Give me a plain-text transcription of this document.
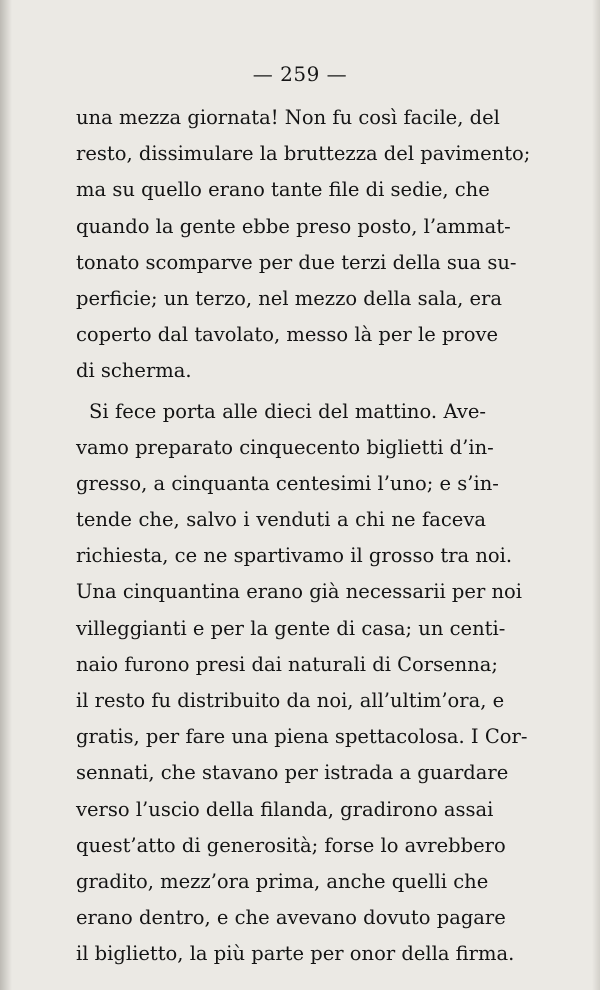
— 259 —
una mezza giornata! Non fu così facile, del
resto, dissimulare la bruttezza del pavimento;
ma su quello erano tante file di sedie, che
quando la gente ebbe preso posto, l’ammat-
tonato scomparve per due terzi della sua su-
perficie; un terzo, nel mezzo della sala, era
coperto dal tavolato, messo là per le prove
di scherma.
Si fece porta alle dieci del mattino. Ave-
vamo preparato cinquecento biglietti d’in-
gresso, a cinquanta centesimi l’uno; e s’in-
tende che, salvo i venduti a chi ne faceva
richiesta, ce ne spartivamo il grosso tra noi.
Una cinquantina erano già necessarii per noi
villeggianti e per la gente di casa; un centi-
naio furono presi dai naturali di Corsenna;
il resto fu distribuito da noi, all’ultim’ora, e
gratis, per fare una piena spettacolosa. I Cor-
sennati, che stavano per istrada a guardare
verso l’uscio della filanda, gradirono assai
quest’atto di generosità; forse lo avrebbero
gradito, mezz’ora prima, anche quelli che
erano dentro, e che avevano dovuto pagare
il biglietto, la più parte per onor della firma.
